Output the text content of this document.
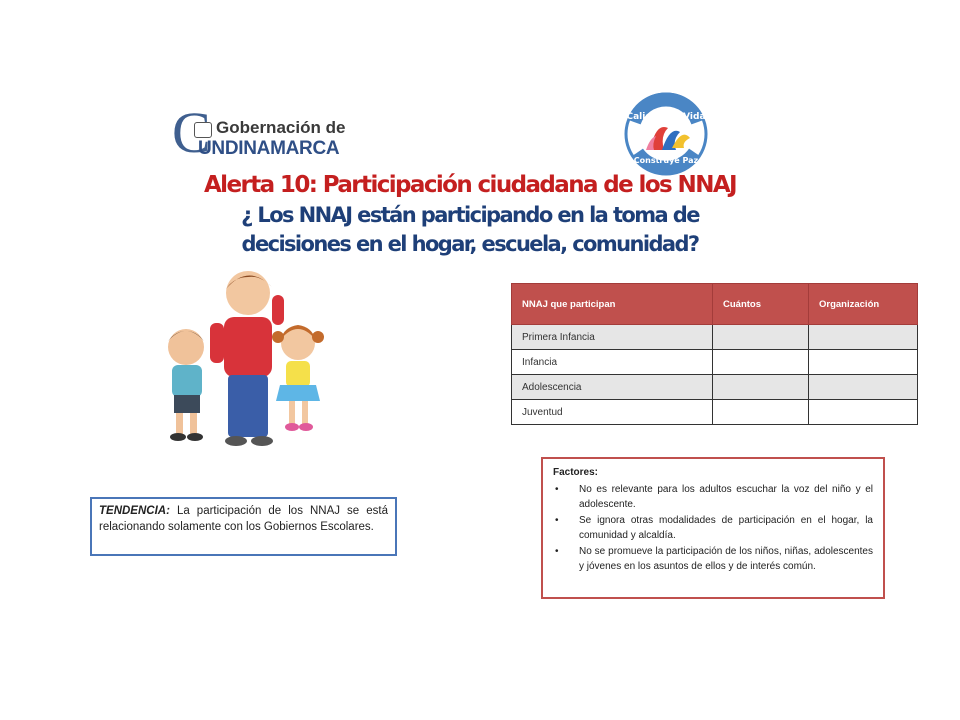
C Gobernación de
UNDINAMARCA
Calidad de Vida
Construye Paz
Alerta 10: Participación ciudadana de los NNAJ
¿ Los NNAJ están participando en la toma de
decisiones en el hogar, escuela, comunidad?
NNAJ que participan	Cuántos	Organización
Primera Infancia		
Infancia		
Adolescencia		
Juventud		
TENDENCIA: La participación de los NNAJ se está relacionando solamente con los Gobiernos Escolares.
Factores:
• No es relevante para los adultos escuchar la voz del niño y el adolescente.
• Se ignora otras modalidades de participación en el hogar, la comunidad y alcaldía.
• No se promueve la participación de los niños, niñas, adolescentes y jóvenes en los asuntos de ellos y de interés común.
